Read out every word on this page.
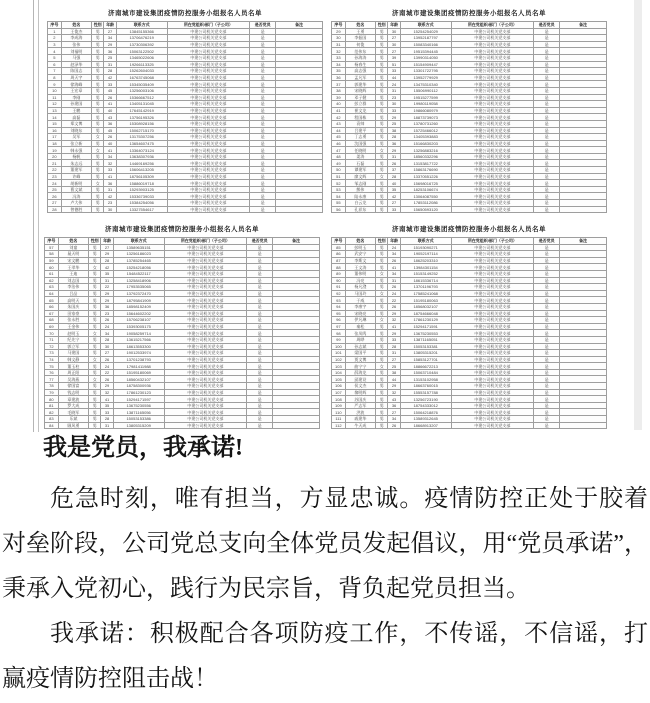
济南城市建设集团疫情防控服务小组报名人员名单
序号	姓名	性别	年龄	联系方式	所在党组织/部门（子公司）	是否党员	备注
1	王俊杰	男	27	13845155366	中建公司机关党支部	是	
2	李成海	男	34	13706476219	中建公司机关党支部	是	
3	张伟	男	29	13730306392	中建公司机关党支部	是	
4	刘福明	男	36	15063122502	中建公司机关党支部	是	
5	马强	男	25	13465022606	中建公司机关党支部	是	
6	赵泽华	男	31	19266113325	中建公司机关党支部	是	
7	陈国志	男	28	15262604033	中建公司机关党支部	是	
8	周天宇	男	42	16763745068	中建公司机关党支部	是	
9	徐海峰	男	33	15345035409	中建公司机关党支部	是	
10	王宏章	男	45	13256003106	中建公司机关党支部	是	
11	李刚	男	26	15366667512	中建公司机关党支部	是	
12	孙建国	男	41	13405131045	中建公司机关党支部	是	
13	王鹏	男	40	17645142919	中建公司机关党支部	是	
14	高磊	男	43	13756195326	中建公司机关党支部	是	
15	郑文博	男	36	15308928156	中建公司机关党支部	是	
16	刘晓东	男	45	15062715170	中建公司机关党支部	是	
17	吴军	女	26	13175307256	中建公司机关党支部	是	
18	张立新	男	40	13654607475	中建公司机关党支部	是	
19	韩永强	女	41	13364073124	中建公司机关党支部	是	
20	杨帆	男	34	13638307936	中建公司机关党支部	是	
21	朱志远	男	32	14469169256	中建公司机关党支部	是	
22	董建军	男	33	15606413205	中建公司机关党支部	是	
23	许峰	男	41	18756105309	中建公司机关党支部	是	
24	胡新明	女	36	15886019718	中建公司机关党支部	是	
25	曹文斌	男	31	15293903125	中建公司机关党支部	是	
26	冯涛	男	42	15336739033	中建公司机关党支部	是	
27	卢大伟	男	23	15384254056	中建公司机关党支部	是	
28	曾德胜	男	30	13327554617	中建公司机关党支部	是	
济南城市建设集团疫情防控服务小组报名人员名单
序号	姓名	性别	年龄	联系方式	所在党组织/部门（子公司）	是否党员	备注
29	王勇	男	30	15254254029	中建公司机关党支部	是	
30	李振国	男	27	13952187797	中建公司机关党支部	是	
31	何俊	男	30	15083340166	中建公司机关党支部	是	
32	范伟东	男	27	19515394445	中建公司机关党支部	是	
33	孙海涛	男	39	13990314050	中建公司机关党支部	是	
34	杨春生	男	51	15154909447	中建公司机关党支部	是	
35	高志强	男	33	13301722795	中建公司机关党支部	是	
36	孟凡军	男	44	13952779929	中建公司机关党支部	是	
37	郭建华	男	24	13475310340	中建公司机关党支部	是	
38	宋晓辉	男	31	15506990112	中建公司机关党支部	是	
39	邓子健	男	23	19515277599	中建公司机关党支部	是	
40	彭立群	男	30	19980119058	中建公司机关党支部	是	
41	崔文龙	男	33	19866080979	中建公司机关党支部	是	
42	程国栋	男	29	18873739073	中建公司机关党支部	是	
43	袁帅	男	25	13780731260	中建公司机关党支部	是	
44	吕建平	男	38	15725466012	中建公司机关党支部	是	
45	丁志勇	男	28	13405393883	中建公司机关党支部	是	
46	沈国强	男	36	15166830203	中建公司机关党支部	是	
47	任晓明	女	29	13256883216	中建公司机关党支部	是	
48	姜涛	男	31	18560332296	中建公司机关党支部	是	
49	石磊	男	26	13153817722	中建公司机关党支部	是	
50	谭建军	男	37	15863176690	中建公司机关党支部	是	
51	廖文辉	女	28	13370551226	中建公司机关党支部	是	
52	邹志刚	男	40	15698016725	中建公司机关党支部	是	
53	熊伟	男	35	18253106674	中建公司机关党支部	是	
54	陆永康	男	42	13064087550	中建公司机关党支部	是	
55	白云龙	男	27	17853112086	中建公司机关党支部	是	
56	孔祥东	男	33	15650593120	中建公司机关党支部	是	
济南城市建设集团疫情防控服务小组报名人员名单
序号	姓名	性别	年龄	联系方式	所在党组织/部门（子公司）	是否党员	备注
57	刘童	男	27	13589635151	中建公司机关党支部	是	
58	晁天明	男	29	13256186023	中建公司机关党支部	是	
59	宋文鹏	男	28	13785254465	中建公司机关党支部	是	
60	王翠华	女	42	15254218056	中建公司机关党支部	是	
61	王迪	男	35	15484522117	中建公司机关党支部	是	
62	刘志国	男	31	13258418906	中建公司机关党支部	是	
63	李治伟	男	22	17953535065	中建公司机关党支部	是	
64	吕品	男	29	13792372470	中建公司机关党支部	是	
65	高明天	男	29	18795841909	中建公司机关党支部	是	
66	朱国庆	男	36	18598152409	中建公司机关党支部	是	
67	田家豪	男	23	15644602202	中建公司机关党支部	是	
68	张永胜	男	26	15706238107	中建公司机关党支部	是	
69	王金伟	男	24	15393005175	中建公司机关党支部	是	
70	赵明玉	女	34	19058259714	中建公司机关党支部	是	
71	纪先宁	男	28	13615217566	中建公司机关党支部	是	
72	郭立军	男	30	18613553300	中建公司机关党支部	是	
73	马建国	男	27	19012533974	中建公司机关党支部	是	
74	韩文静	女	26	13701238793	中建公司机关党支部	是	
75	董玉柱	男	24	17981411988	中建公司机关党支部	是	
76	周正阳	男	22	15195180069	中建公司机关党支部	是	
77	吴海燕	女	26	18560432107	中建公司机关党支部	是	
78	徐国富	男	29	18758300936	中建公司机关党支部	是	
79	钱志明	男	32	17861230123	中建公司机关党支部	是	
80	章建波	男	41	15294171597	中建公司机关党支部	是	
81	罗大成	男	35	13675230556	中建公司机关党支部	是	
82	毛晓军	男	33	13871165056	中建公司机关党支部	是	
83	乐斌	男	28	15053153386	中建公司机关党支部	是	
84	顾风勇	男	31	13805315209	中建公司机关党支部	是	
济南城市建设集团疫情防控服务小组报名人员名单
序号	姓名	性别	年龄	联系方式	所在党组织/部门（子公司）	是否党员	备注
85	彭明玉	男	24	15193090271	中建公司机关党支部	是	
86	武安宁	男	34	19052197114	中建公司机关党支部	是	
87	李斯文	男	26	18625203310	中建公司机关党支部	是	
88	王文涛	男	41	13984301154	中建公司机关党支部	是	
89	董伟明	女	34	15153149252	中建公司机关党支部	是	
90	冯亮	男	31	18615336714	中建公司机关党支部	是	
91	杨凡澄	男	26	13701196793	中建公司机关党支部	是	
92	马国玲	女	24	17585241068	中建公司机关党支部	是	
93	于威	男	22	15195180063	中建公司机关党支部	是	
94	李康宇	男	26	18568032107	中建公司机关党支部	是	
95	宋晓亮	男	29	18754666048	中建公司机关党支部	是	
96	伊凡琳	女	32	17861230129	中建公司机关党支部	是	
97	秦松	男	41	15294171591	中建公司机关党支部	是	
98	张凤鸣	男	29	13675230553	中建公司机关党支部	是	
99	周晔	男	33	13871165051	中建公司机关党支部	是	
100	孙志斌	男	28	15053153381	中建公司机关党支部	是	
101	梁国平	男	31	13805315201	中建公司机关党支部	是	
102	贾文博	男	27	15853127701	中建公司机关党支部	是	
103	曲宁宁	女	25	18866672213	中建公司机关党支部	是	
104	薛海龙	男	38	15063710484	中建公司机关党支部	是	
105	邱建设	男	44	13153102958	中建公司机关党支部	是	
106	侯文杰	男	29	18663760015	中建公司机关党支部	是	
107	黎明辉	男	32	15553157788	中建公司机关党支部	是	
108	苏国庆	男	43	13256723190	中建公司机关党支部	是	
109	严志军	男	36	18754333012	中建公司机关党支部	是	
110	洪波	男	27	15064218876	中建公司机关党支部	是	
111	戚建华	男	34	13589312645	中建公司机关党支部	是	
112	牛天成	男	26	18668913207	中建公司机关党支部	是	
我是党员，我承诺!

危急时刻，唯有担当，方显忠诚。疫情防控正处于胶着对垒阶段，公司党总支向全体党员发起倡议，用“党员承诺”，秉承入党初心，践行为民宗旨，背负起党员担当。

我承诺：积极配合各项防疫工作，不传谣，不信谣，打赢疫情防控阻击战！
